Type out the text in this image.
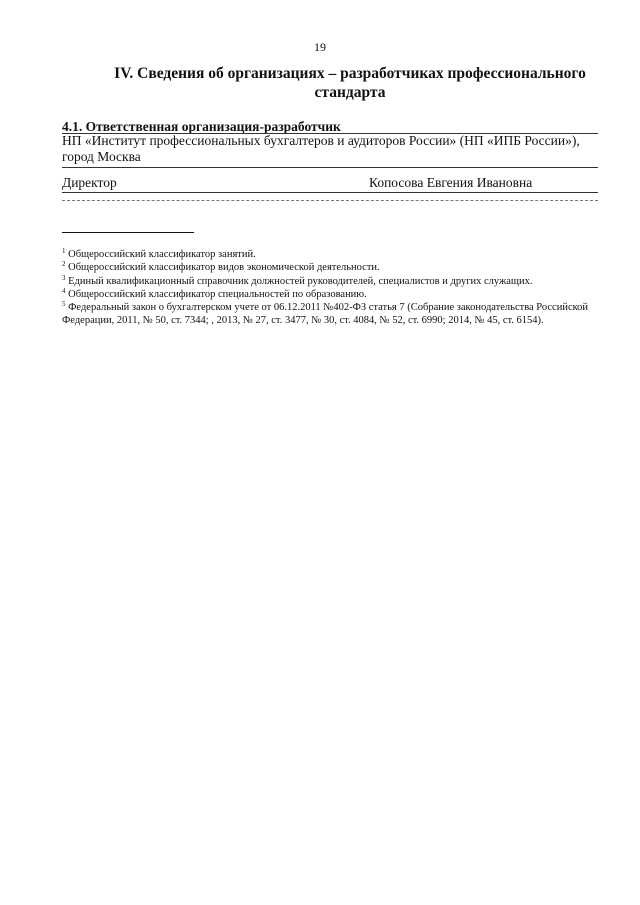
19
IV. Сведения об организациях – разработчиках профессионального
стандарта
4.1. Ответственная организация-разработчик
НП «Институт профессиональных бухгалтеров и аудиторов России» (НП «ИПБ России»), город Москва
Директор	Копосова Евгения Ивановна
$^1$ Общероссийский классификатор занятий.
$^2$ Общероссийский классификатор видов экономической деятельности.
$^3$ Единый квалификационный справочник должностей руководителей, специалистов и других служащих.
$^4$ Общероссийский классификатор специальностей по образованию.
$^5$ Федеральный закон о бухгалтерском учете от 06.12.2011 №402-ФЗ статья 7 (Собрание законодательства Российской Федерации, 2011, № 50, ст. 7344; , 2013, № 27, ст. 3477, № 30, ст. 4084, № 52, ст. 6990; 2014, № 45, ст. 6154).
